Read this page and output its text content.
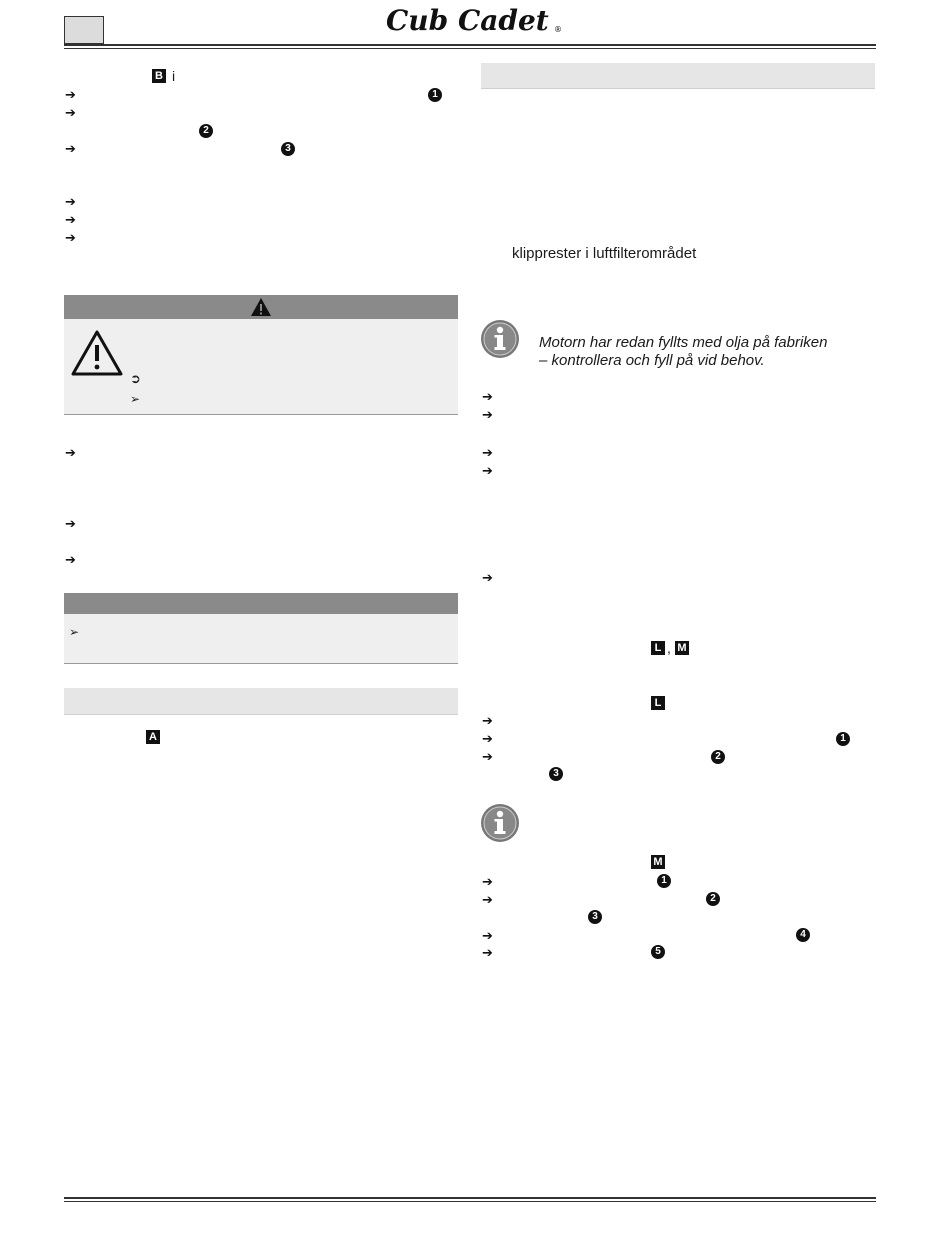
Cub Cadet ®
B i
➔	1
➔
2
➔	3
➔
➔
➔
➲
➢
➔
➔
➔
➢
A
klipprester i luftfilterområdet
Motorn har redan fyllts med olja på fabriken
– kontrollera och fyll på vid behov.
➔
➔
➔
➔
➔
L	M
,
L
➔
➔	1
➔	2
3
M
➔	1
➔	2
3
➔	4
➔	5
